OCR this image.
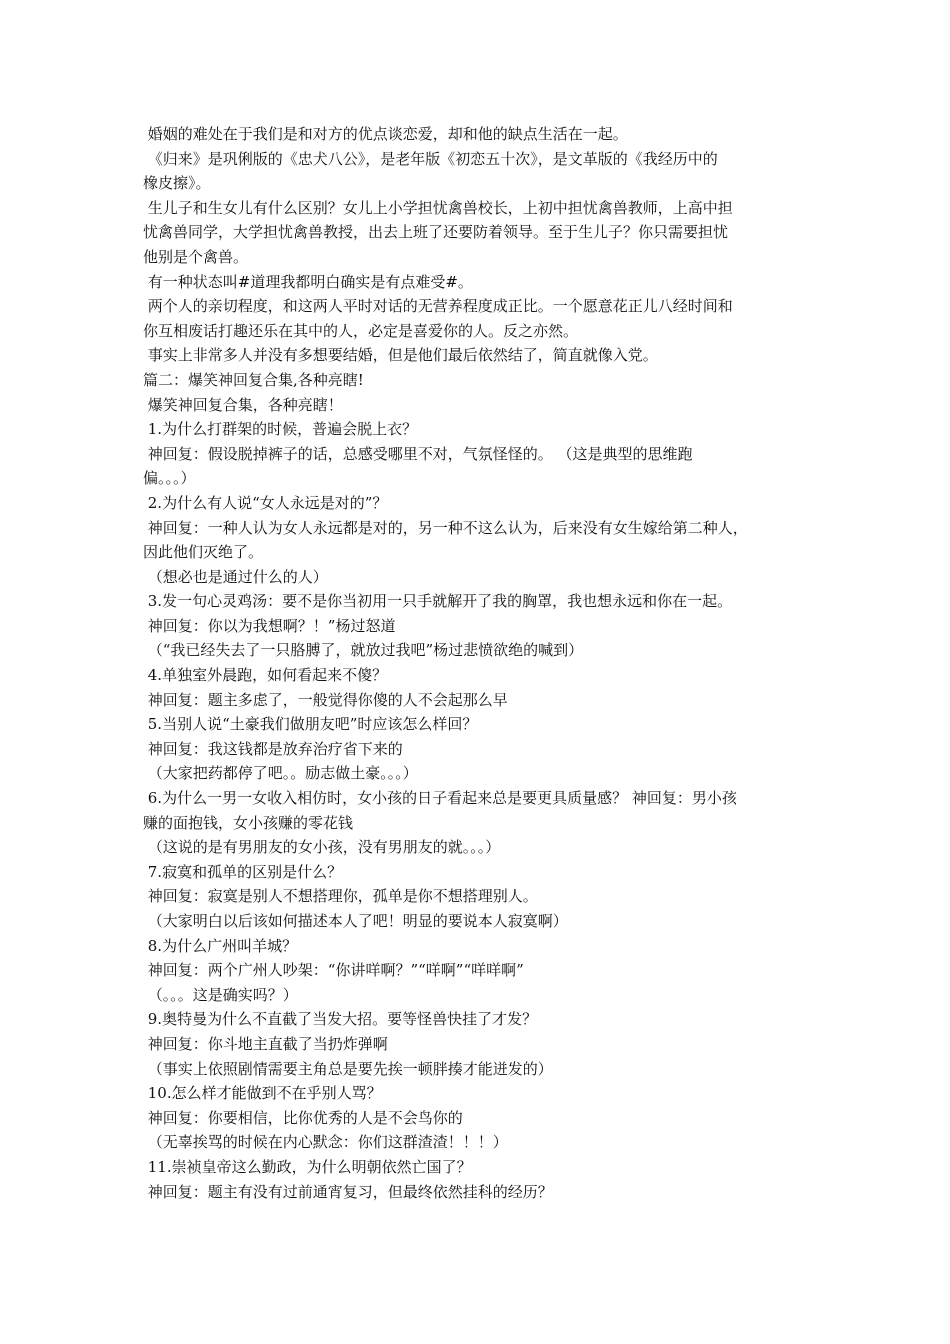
婚姻的难处在于我们是和对方的优点谈恋爱，却和他的缺点生活在一起。
《归来》是巩俐版的《忠犬八公》，是老年版《初恋五十次》，是文革版的《我经历中的
橡皮擦》。
生儿子和生女儿有什么区别？女儿上小学担忧禽兽校长，上初中担忧禽兽教师，上高中担
忧禽兽同学，大学担忧禽兽教授，出去上班了还要防着领导。至于生儿子？你只需要担忧
他别是个禽兽。
有一种状态叫#道理我都明白确实是有点难受#。
两个人的亲切程度，和这两人平时对话的无营养程度成正比。一个愿意花正儿八经时间和
你互相废话打趣还乐在其中的人，必定是喜爱你的人。反之亦然。
事实上非常多人并没有多想要结婚，但是他们最后依然结了，简直就像入党。
篇二：爆笑神回复合集,各种亮瞎!
爆笑神回复合集，各种亮瞎！
1.为什么打群架的时候，普遍会脱上衣？
神回复：假设脱掉裤子的话，总感受哪里不对，气氛怪怪的。 （这是典型的思维跑
偏。。。）
2.为什么有人说“女人永远是对的”？
神回复：一种人认为女人永远都是对的，另一种不这么认为，后来没有女生嫁给第二种人，
因此他们灭绝了。
（想必也是通过什么的人）
3.发一句心灵鸡汤：要不是你当初用一只手就解开了我的胸罩，我也想永远和你在一起。
神回复：你以为我想啊？！”杨过怒道
（“我已经失去了一只胳膊了，就放过我吧”杨过悲愤欲绝的喊到）
4.单独室外晨跑，如何看起来不傻？
神回复：题主多虑了，一般觉得你傻的人不会起那么早
5.当别人说“土豪我们做朋友吧”时应该怎么样回？
神回复：我这钱都是放弃治疗省下来的
（大家把药都停了吧。。励志做土豪。。。）
6.为什么一男一女收入相仿时，女小孩的日子看起来总是要更具质量感？ 神回复：男小孩
赚的面抱钱，女小孩赚的零花钱
（这说的是有男朋友的女小孩，没有男朋友的就。。。）
7.寂寞和孤单的区别是什么？
神回复：寂寞是别人不想搭理你，孤单是你不想搭理别人。
（大家明白以后该如何描述本人了吧！明显的要说本人寂寞啊）
8.为什么广州叫羊城？
神回复：两个广州人吵架：“你讲咩啊？”“咩啊”“咩咩啊”
（。。。这是确实吗？）
9.奥特曼为什么不直截了当发大招。要等怪兽快挂了才发？
神回复：你斗地主直截了当扔炸弹啊
（事实上依照剧情需要主角总是要先挨一顿胖揍才能迸发的）
10.怎么样才能做到不在乎别人骂？
神回复：你要相信，比你优秀的人是不会鸟你的
（无辜挨骂的时候在内心默念：你们这群渣渣！！！）
11.崇祯皇帝这么勤政，为什么明朝依然亡国了？
神回复：题主有没有过前通宵复习，但最终依然挂科的经历？
